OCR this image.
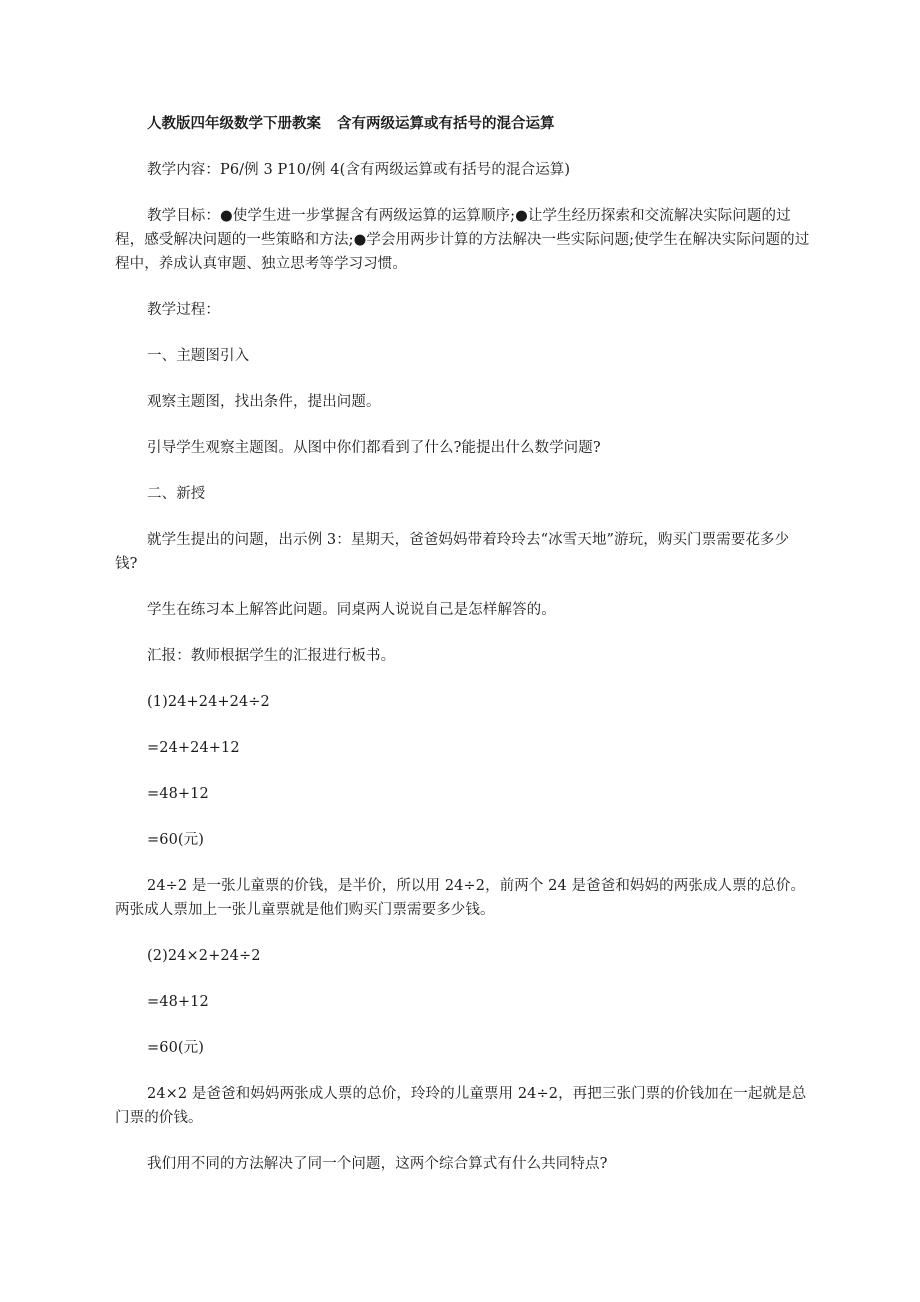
人教版四年级数学下册教案 含有两级运算或有括号的混合运算

教学内容：P6/例 3 P10/例 4(含有两级运算或有括号的混合运算)

教学目标：●使学生进一步掌握含有两级运算的运算顺序;●让学生经历探索和交流解决实际问题的过程，感受解决问题的一些策略和方法;●学会用两步计算的方法解决一些实际问题;使学生在解决实际问题的过程中，养成认真审题、独立思考等学习习惯。

教学过程：

一、主题图引入

观察主题图，找出条件，提出问题。

引导学生观察主题图。从图中你们都看到了什么?能提出什么数学问题?

二、新授

就学生提出的问题，出示例 3：星期天，爸爸妈妈带着玲玲去“冰雪天地”游玩，购买门票需要花多少钱?

学生在练习本上解答此问题。同桌两人说说自己是怎样解答的。

汇报：教师根据学生的汇报进行板书。

(1)24+24+24÷2

=24+24+12

=48+12

=60(元)

24÷2 是一张儿童票的价钱，是半价，所以用 24÷2，前两个 24 是爸爸和妈妈的两张成人票的总价。两张成人票加上一张儿童票就是他们购买门票需要多少钱。

(2)24×2+24÷2

=48+12

=60(元)

24×2 是爸爸和妈妈两张成人票的总价，玲玲的儿童票用 24÷2，再把三张门票的价钱加在一起就是总门票的价钱。

我们用不同的方法解决了同一个问题，这两个综合算式有什么共同特点?
